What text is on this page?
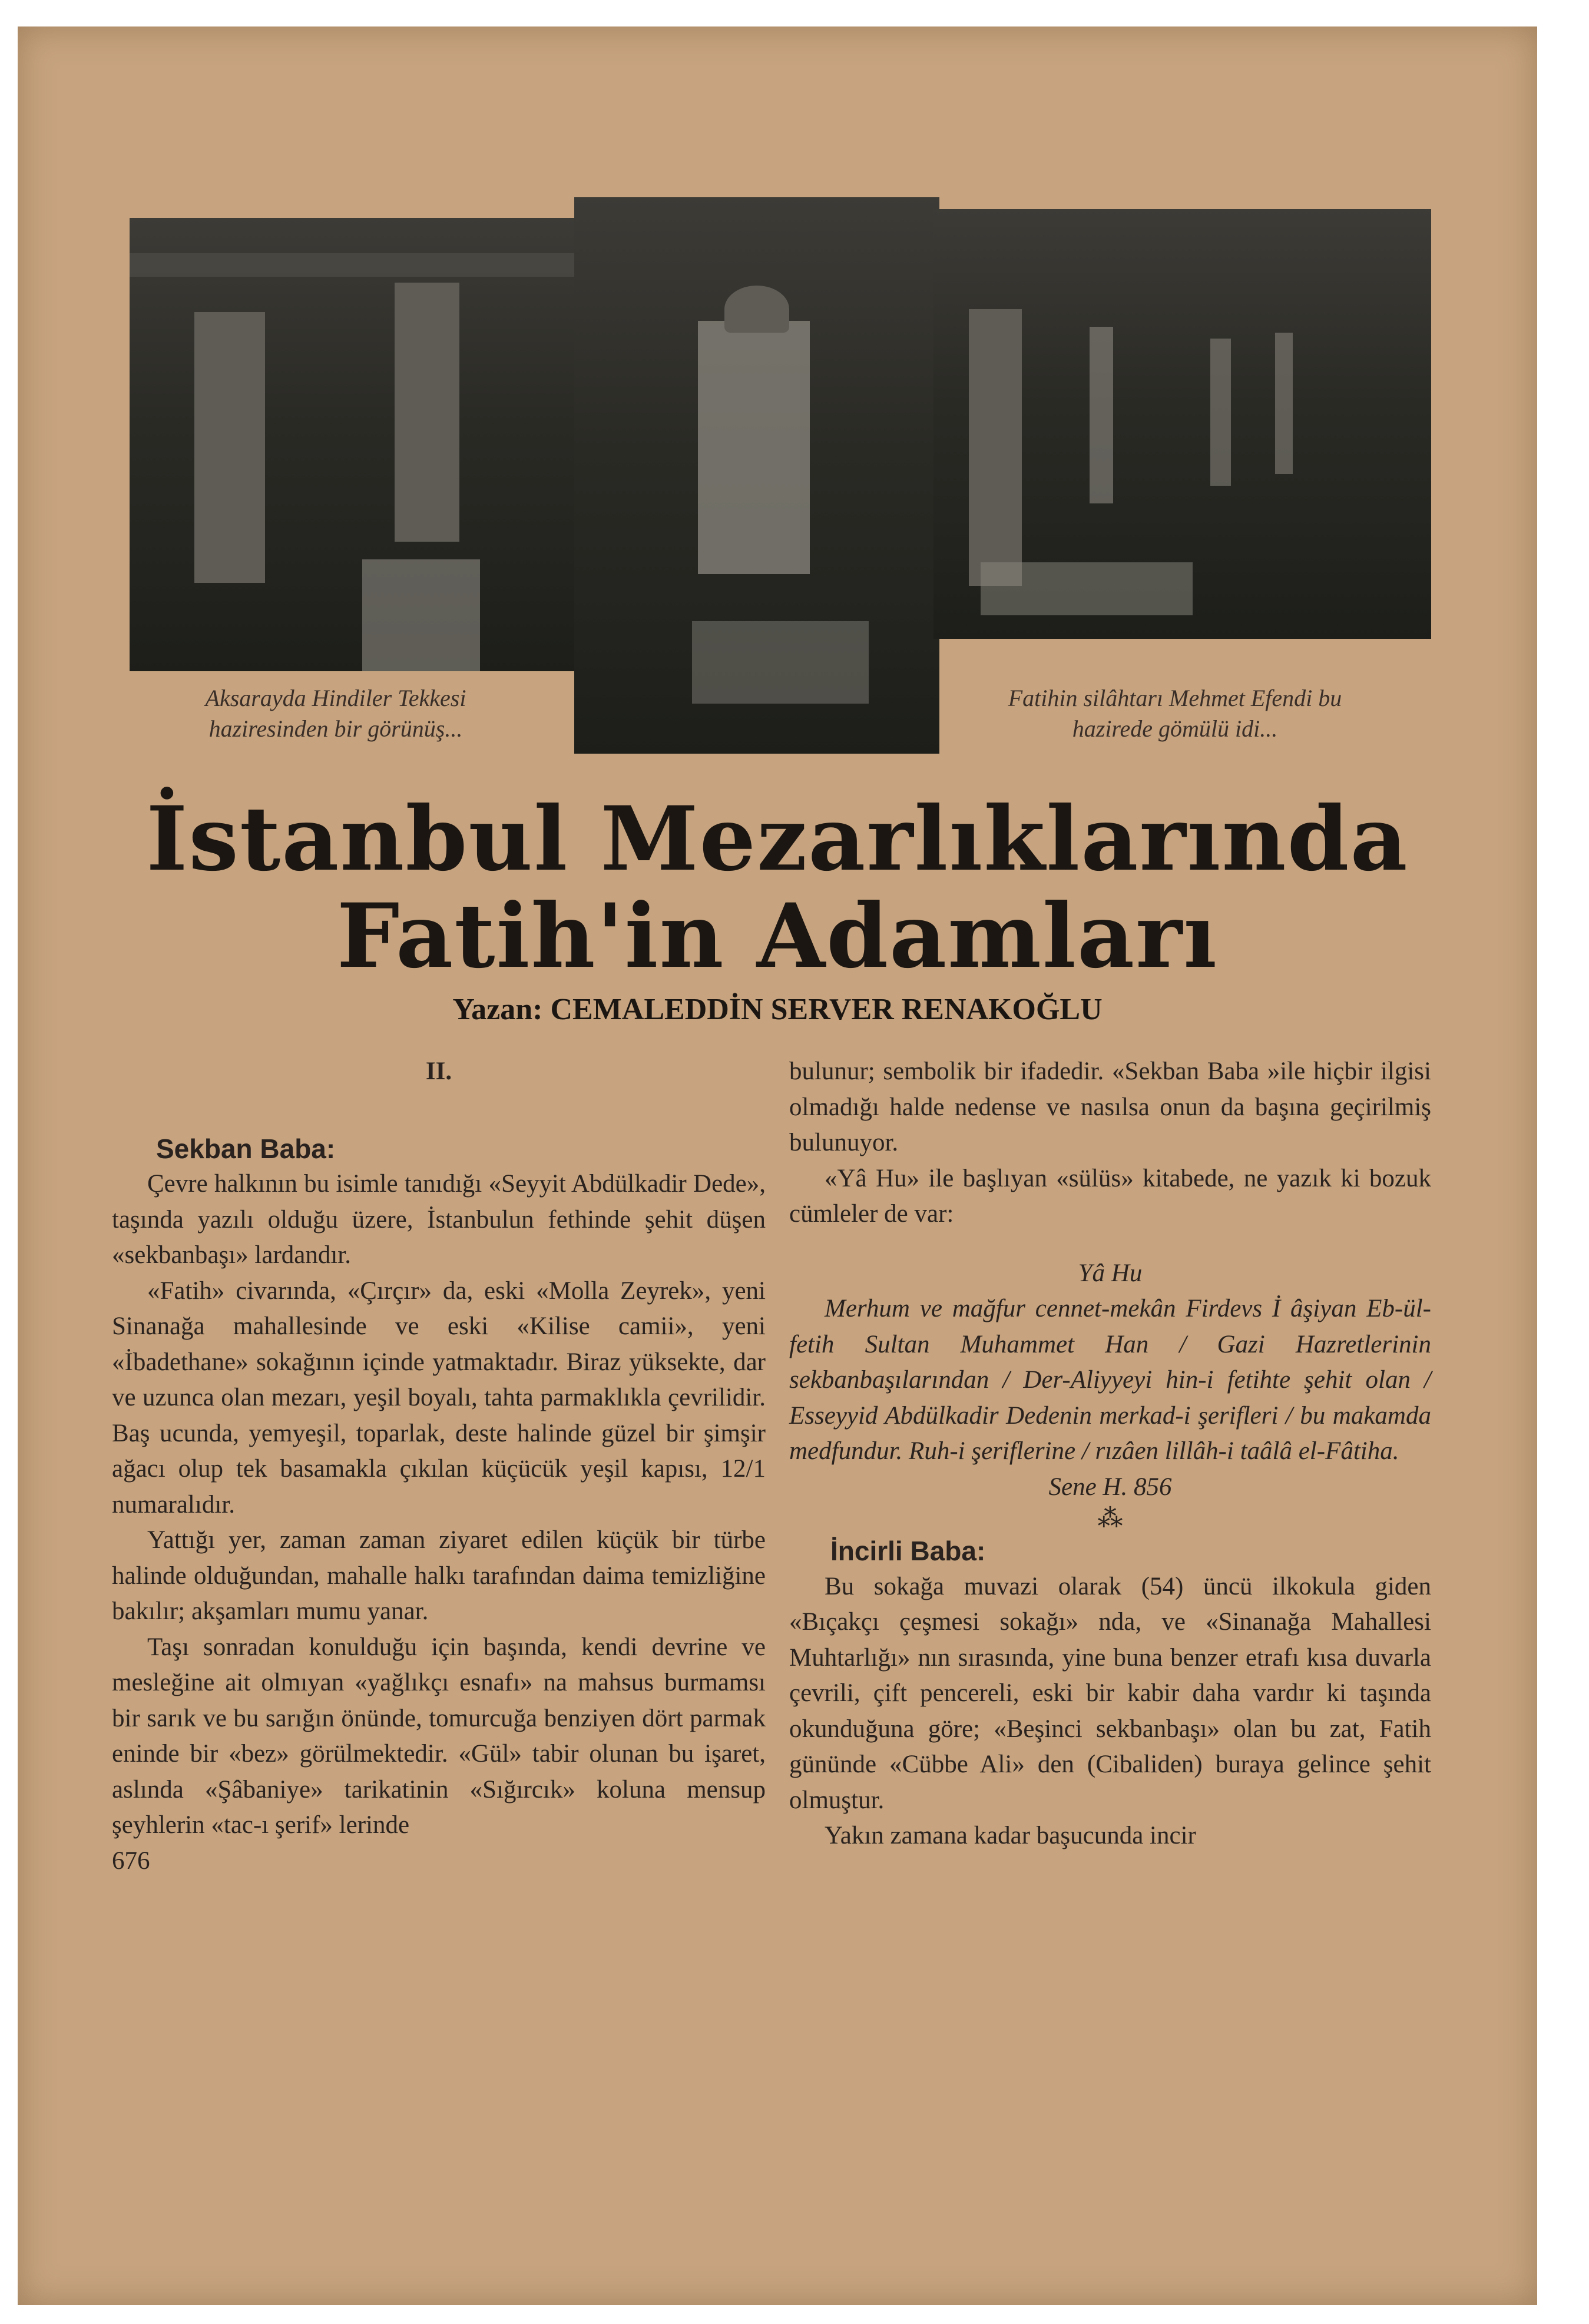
Aksarayda Hindiler Tekkesi haziresinden bir görünüş...
Fatihin silâhtarı Mehmet Efendi bu hazirede gömülü idi...
İstanbul Mezarlıklarında
Fatih'in Adamları
Yazan: CEMALEDDİN SERVER RENAKOĞLU

II.

Sekban Baba:

Çevre halkının bu isimle tanıdığı «Seyyit Abdülkadir Dede», taşında yazılı olduğu üzere, İstanbulun fethinde şehit düşen «sekbanbaşı» lardandır.

«Fatih» civarında, «Çırçır» da, eski «Molla Zeyrek», yeni Sinanağa mahallesinde ve eski «Kilise camii», yeni «İbadethane» sokağının içinde yatmaktadır. Biraz yüksekte, dar ve uzunca olan mezarı, yeşil boyalı, tahta parmaklıkla çevrilidir. Baş ucunda, yemyeşil, toparlak, deste halinde güzel bir şimşir ağacı olup tek basamakla çıkılan küçücük yeşil kapısı, 12/1 numaralıdır.

Yattığı yer, zaman zaman ziyaret edilen küçük bir türbe halinde olduğundan, mahalle halkı tarafından daima temizliğine bakılır; akşamları mumu yanar.

Taşı sonradan konulduğu için başında, kendi devrine ve mesleğine ait olmıyan «yağlıkçı esnafı» na mahsus burmamsı bir sarık ve bu sarığın önünde, tomurcuğa benziyen dört parmak eninde bir «bez» görülmektedir. «Gül» tabir olunan bu işaret, aslında «Şâbaniye» tarikatinin «Sığırcık» koluna mensup şeyhlerin «tac-ı şerif» lerinde

676

bulunur; sembolik bir ifadedir. «Sekban Baba »ile hiçbir ilgisi olmadığı halde nedense ve nasılsa onun da başına geçirilmiş bulunuyor.

«Yâ Hu» ile başlıyan «sülüs» kitabede, ne yazık ki bozuk cümleler de var:

Yâ Hu

Merhum ve mağfur cennet-mekân Firdevs İ âşiyan Eb-ül-fetih Sultan Muhammet Han / Gazi Hazretlerinin sekbanbaşılarından / Der-Aliyyeyi hin-i fetihte şehit olan / Esseyyid Abdülkadir Dedenin merkad-i şerifleri / bu makamda medfundur. Ruh-i şeriflerine / rızâen lillâh-i taâlâ el-Fâtiha.

Sene H. 856

⁂

İncirli Baba:

Bu sokağa muvazi olarak (54) üncü ilkokula giden «Bıçakçı çeşmesi sokağı» nda, ve «Sinanağa Mahallesi Muhtarlığı» nın sırasında, yine buna benzer etrafı kısa duvarla çevrili, çift pencereli, eski bir kabir daha vardır ki taşında okunduğuna göre; «Beşinci sekbanbaşı» olan bu zat, Fatih gününde «Cübbe Ali» den (Cibaliden) buraya gelince şehit olmuştur.

Yakın zamana kadar başucunda incir
